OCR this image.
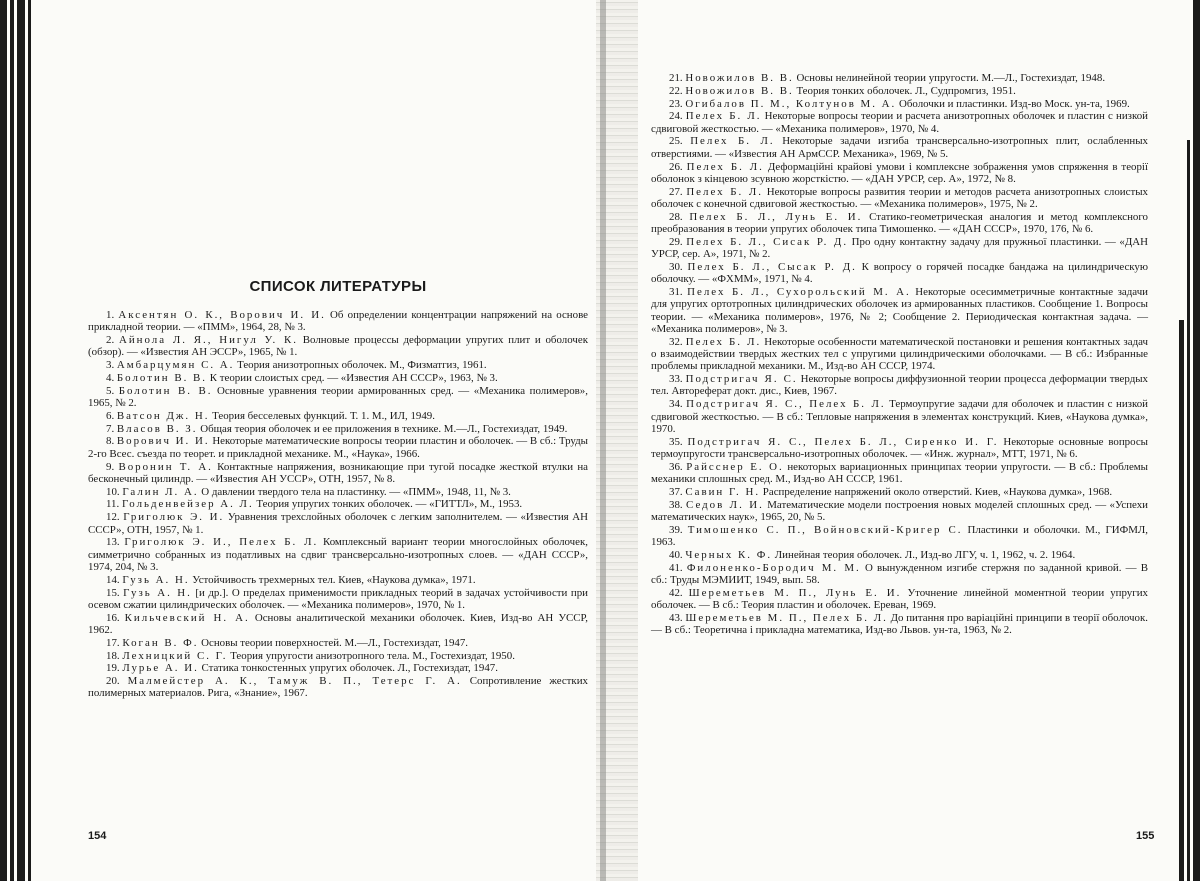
СПИСОК ЛИТЕРАТУРЫ

1. Аксентян О. К., Ворович И. И. Об определении концентрации напряжений на основе прикладной теории. — «ПММ», 1964, 28, № 3.

2. Айнола Л. Я., Нигул У. К. Волновые процессы деформации упругих плит и оболочек (обзор). — «Известия АН ЭССР», 1965, № 1.

3. Амбарцумян С. А. Теория анизотропных оболочек. М., Физматгиз, 1961.

4. Болотин В. В. К теории слоистых сред. — «Известия АН СССР», 1963, № 3.

5. Болотин В. В. Основные уравнения теории армированных сред. — «Механика полимеров», 1965, № 2.

6. Ватсон Дж. Н. Теория бесселевых функций. Т. 1. М., ИЛ, 1949.

7. Власов В. З. Общая теория оболочек и ее приложения в технике. М.—Л., Гостехиздат, 1949.

8. Ворович И. И. Некоторые математические вопросы теории пластин и оболочек. — В сб.: Труды 2-го Всес. съезда по теорет. и прикладной механике. М., «Наука», 1966.

9. Воронин Т. А. Контактные напряжения, возникающие при тугой посадке жесткой втулки на бесконечный цилиндр. — «Известия АН УССР», ОТН, 1957, № 8.

10. Галин Л. А. О давлении твердого тела на пластинку. — «ПММ», 1948, 11, № 3.

11. Гольденвейзер А. Л. Теория упругих тонких оболочек. — «ГИТТЛ», М., 1953.

12. Григолюк Э. И. Уравнения трехслойных оболочек с легким заполнителем. — «Известия АН СССР», ОТН, 1957, № 1.

13. Григолюк Э. И., Пелех Б. Л. Комплексный вариант теории многослойных оболочек, симметрично собранных из податливых на сдвиг трансверсально-изотропных слоев. — «ДАН СССР», 1974, 204, № 3.

14. Гузь А. Н. Устойчивость трехмерных тел. Киев, «Наукова думка», 1971.

15. Гузь А. Н. [и др.]. О пределах применимости прикладных теорий в задачах устойчивости при осевом сжатии цилиндрических оболочек. — «Механика полимеров», 1970, № 1.

16. Кильчевский Н. А. Основы аналитической механики оболочек. Киев, Изд-во АН УССР, 1962.

17. Коган В. Ф. Основы теории поверхностей. М.—Л., Гостехиздат, 1947.

18. Лехницкий С. Г. Теория упругости анизотропного тела. М., Гостехиздат, 1950.

19. Лурье А. И. Статика тонкостенных упругих оболочек. Л., Гостехиздат, 1947.

20. Малмейстер А. К., Тамуж В. П., Тетерс Г. А. Сопротивление жестких полимерных материалов. Рига, «Знание», 1967.

154

21. Новожилов В. В. Основы нелинейной теории упругости. М.—Л., Гостехиздат, 1948.

22. Новожилов В. В. Теория тонких оболочек. Л., Судпромгиз, 1951.

23. Огибалов П. М., Колтунов М. А. Оболочки и пластинки. Изд-во Моск. ун-та, 1969.

24. Пелех Б. Л. Некоторые вопросы теории и расчета анизотропных оболочек и пластин с низкой сдвиговой жесткостью. — «Механика полимеров», 1970, № 4.

25. Пелех Б. Л. Некоторые задачи изгиба трансверсально-изотропных плит, ослабленных отверстиями. — «Известия АН АрмССР. Механика», 1969, № 5.

26. Пелех Б. Л. Деформаційні крайові умови і комплексне зображення умов спряження в теорії оболонок з кінцевою зсувною жорсткістю. — «ДАН УРСР, сер. А», 1972, № 8.

27. Пелех Б. Л. Некоторые вопросы развития теории и методов расчета анизотропных слоистых оболочек с конечной сдвиговой жесткостью. — «Механика полимеров», 1975, № 2.

28. Пелех Б. Л., Лунь Е. И. Статико-геометрическая аналогия и метод комплексного преобразования в теории упругих оболочек типа Тимошенко. — «ДАН СССР», 1970, 176, № 6.

29. Пелех Б. Л., Сисак Р. Д. Про одну контактну задачу для пружньої пластинки. — «ДАН УРСР, сер. А», 1971, № 2.

30. Пелех Б. Л., Сысак Р. Д. К вопросу о горячей посадке бандажа на цилиндрическую оболочку. — «ФХММ», 1971, № 4.

31. Пелех Б. Л., Сухорольский М. А. Некоторые осесимметричные контактные задачи для упругих ортотропных цилиндрических оболочек из армированных пластиков. Сообщение 1. Вопросы теории. — «Механика полимеров», 1976, № 2; Сообщение 2. Периодическая контактная задача. — «Механика полимеров», № 3.

32. Пелех Б. Л. Некоторые особенности математической постановки и решения контактных задач о взаимодействии твердых жестких тел с упругими цилиндрическими оболочками. — В сб.: Избранные проблемы прикладной механики. М., Изд-во АН СССР, 1974.

33. Подстригач Я. С. Некоторые вопросы диффузионной теории процесса деформации твердых тел. Автореферат докт. дис., Киев, 1967.

34. Подстригач Я. С., Пелех Б. Л. Термоупругие задачи для оболочек и пластин с низкой сдвиговой жесткостью. — В сб.: Тепловые напряжения в элементах конструкций. Киев, «Наукова думка», 1970.

35. Подстригач Я. С., Пелех Б. Л., Сиренко И. Г. Некоторые основные вопросы термоупругости трансверсально-изотропных оболочек. — «Инж. журнал», МТТ, 1971, № 6.

36. Райсснер Е. О. некоторых вариационных принципах теории упругости. — В сб.: Проблемы механики сплошных сред. М., Изд-во АН СССР, 1961.

37. Савин Г. Н. Распределение напряжений около отверстий. Киев, «Наукова думка», 1968.

38. Седов Л. И. Математические модели построения новых моделей сплошных сред. — «Успехи математических наук», 1965, 20, № 5.

39. Тимошенко С. П., Войновский-Кригер С. Пластинки и оболочки. М., ГИФМЛ, 1963.

40. Черных К. Ф. Линейная теория оболочек. Л., Изд-во ЛГУ, ч. 1, 1962, ч. 2. 1964.

41. Филоненко-Бородич М. М. О вынужденном изгибе стержня по заданной кривой. — В сб.: Труды МЭМИИТ, 1949, вып. 58.

42. Шереметьев М. П., Лунь Е. И. Уточнение линейной моментной теории упругих оболочек. — В сб.: Теория пластин и оболочек. Ереван, 1969.

43. Шереметьев М. П., Пелех Б. Л. До питання про варіаційні принципи в теорії оболочок. — В сб.: Теоретична і прикладна математика, Изд-во Львов. ун-та, 1963, № 2.

155
